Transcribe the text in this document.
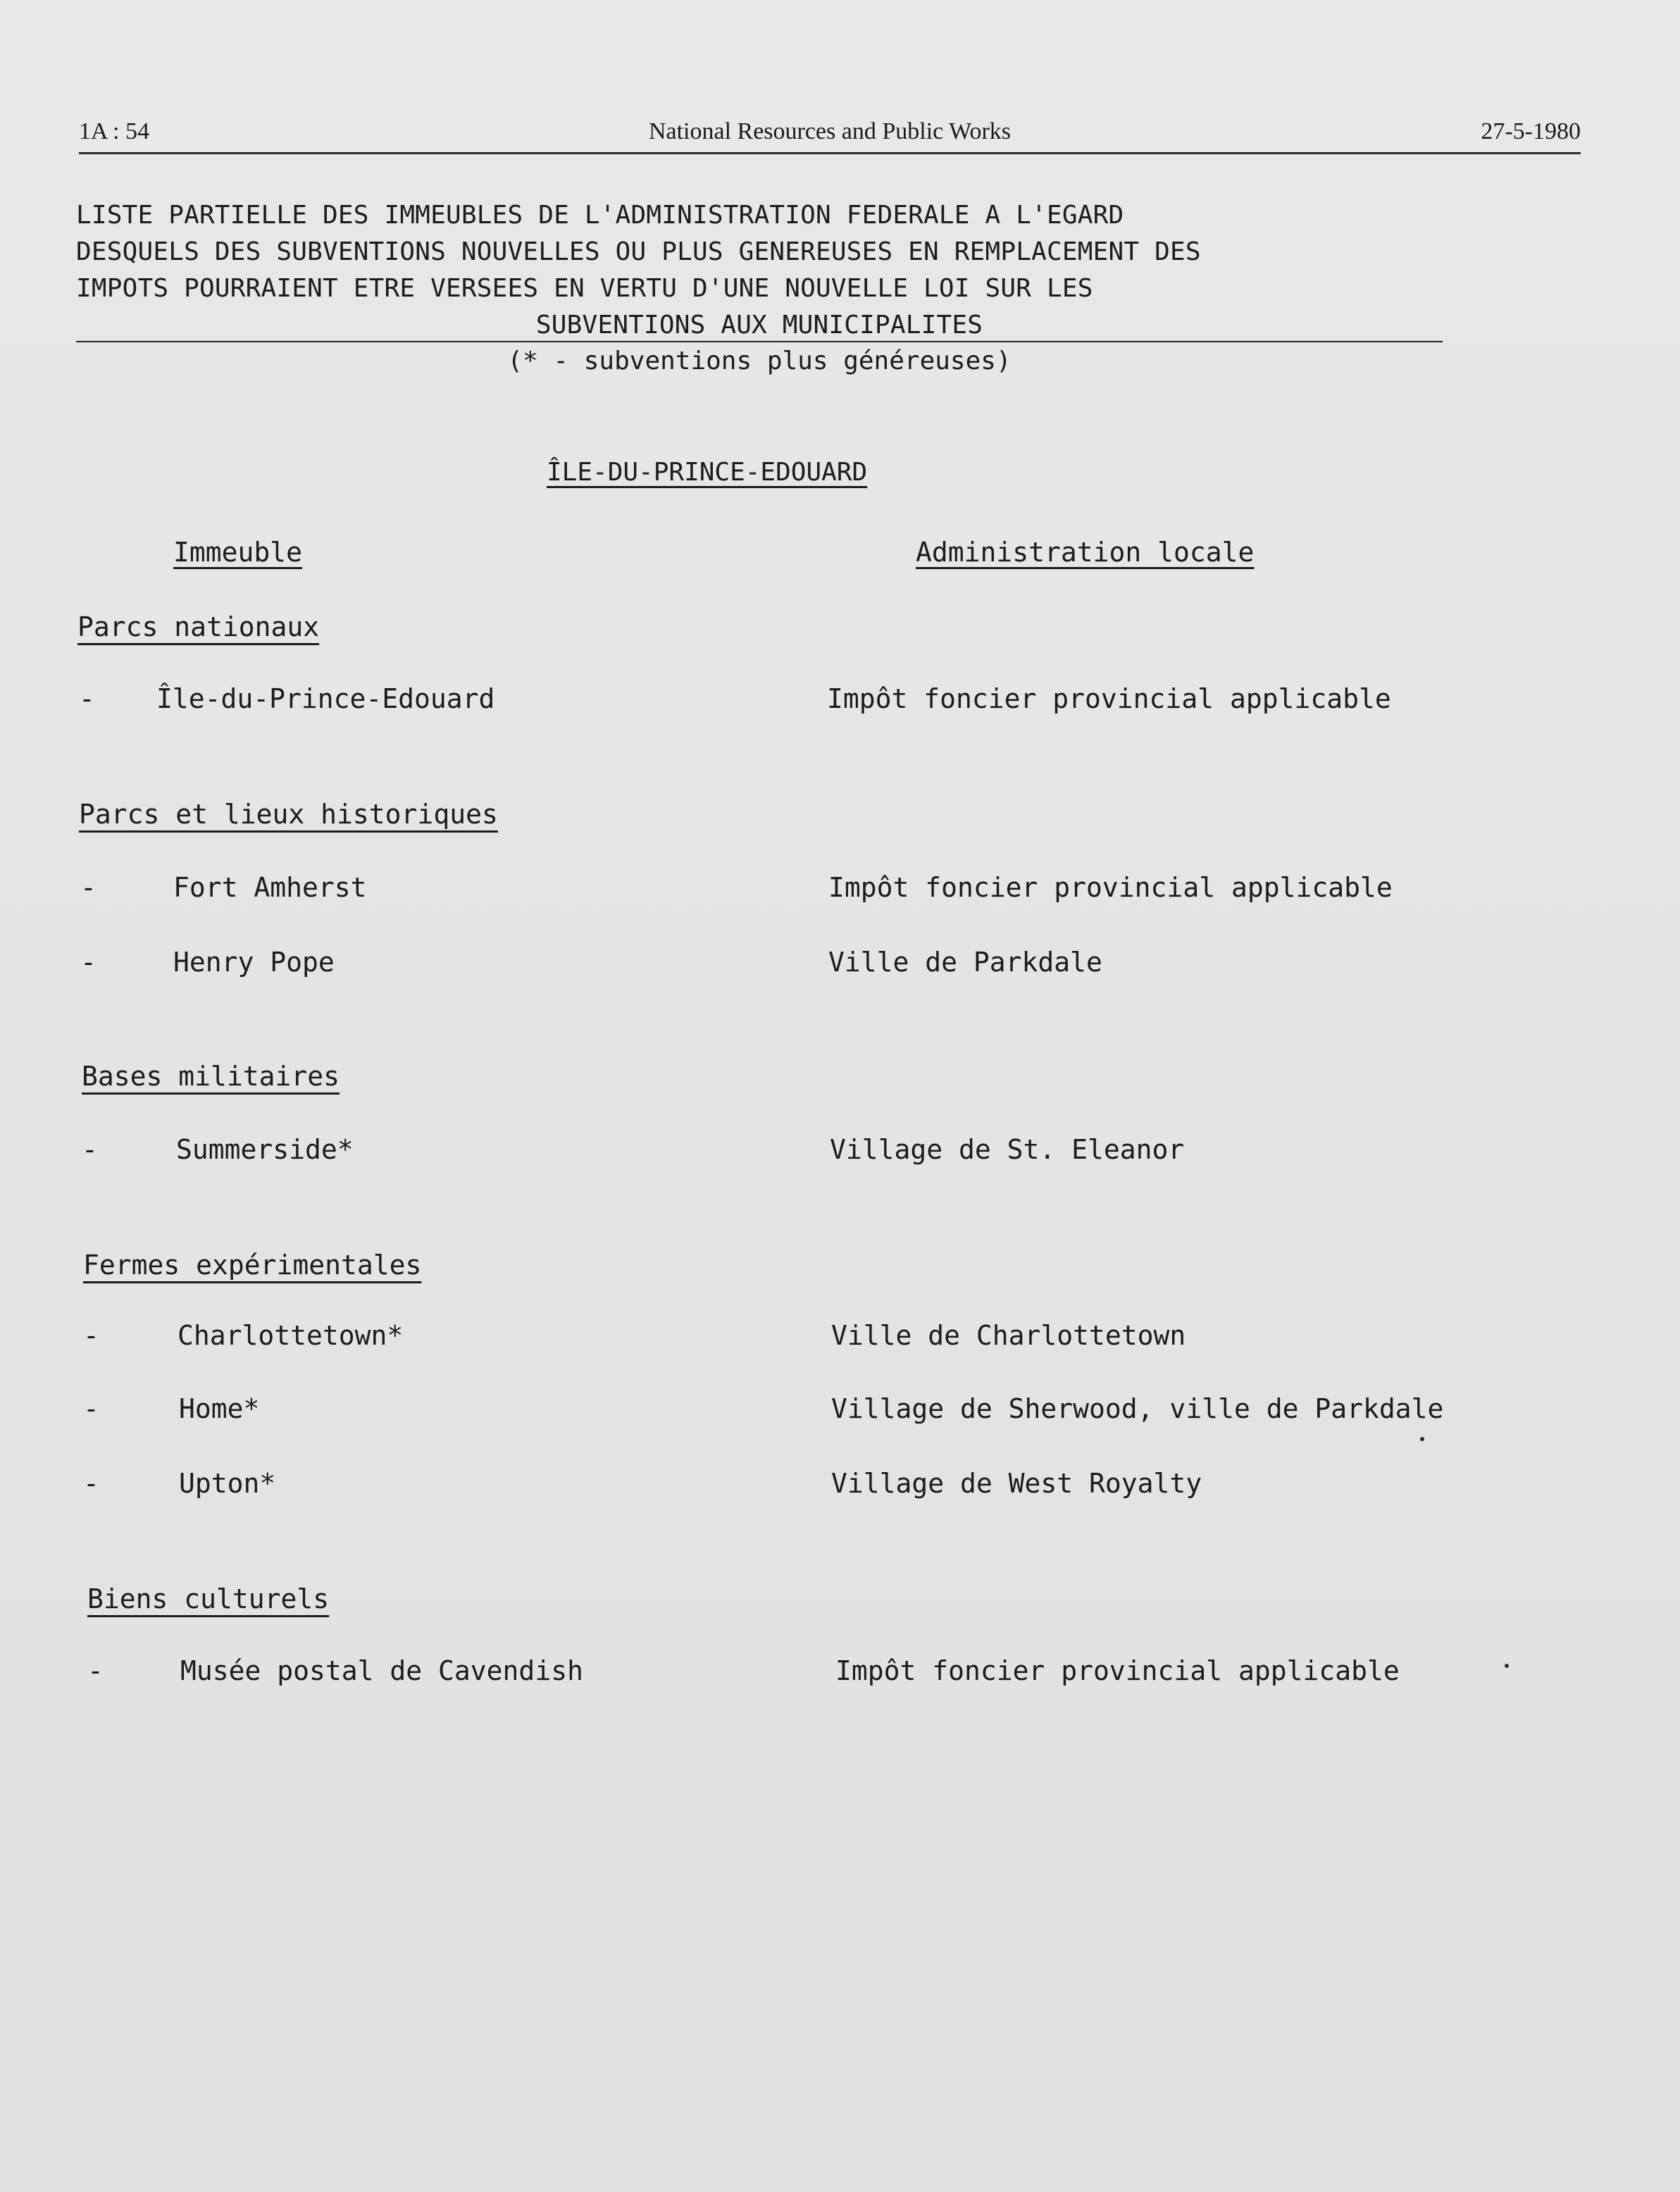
1A : 54	National Resources and Public Works	27-5-1980
LISTE PARTIELLE DES IMMEUBLES DE L'ADMINISTRATION FEDERALE A L'EGARD
DESQUELS DES SUBVENTIONS NOUVELLES OU PLUS GENEREUSES EN REMPLACEMENT DES
IMPOTS POURRAIENT ETRE VERSEES EN VERTU D'UNE NOUVELLE LOI SUR LES

SUBVENTIONS AUX MUNICIPALITES
(* - subventions plus généreuses)
ÎLE-DU-PRINCE-EDOUARD
Immeuble	Administration locale
Parcs nationaux
- Île-du-Prince-Edouard	Impôt foncier provincial applicable
Parcs et lieux historiques
-	Fort Amherst	Impôt foncier provincial applicable
-	Henry Pope	Ville de Parkdale
Bases militaires
-	Summerside*	Village de St. Eleanor
Fermes expérimentales
-	Charlottetown*	Ville de Charlottetown
-	Home*	Village de Sherwood, ville de Parkdale
-	Upton*	Village de West Royalty
Biens culturels
-	Musée postal de Cavendish	Impôt foncier provincial applicable
